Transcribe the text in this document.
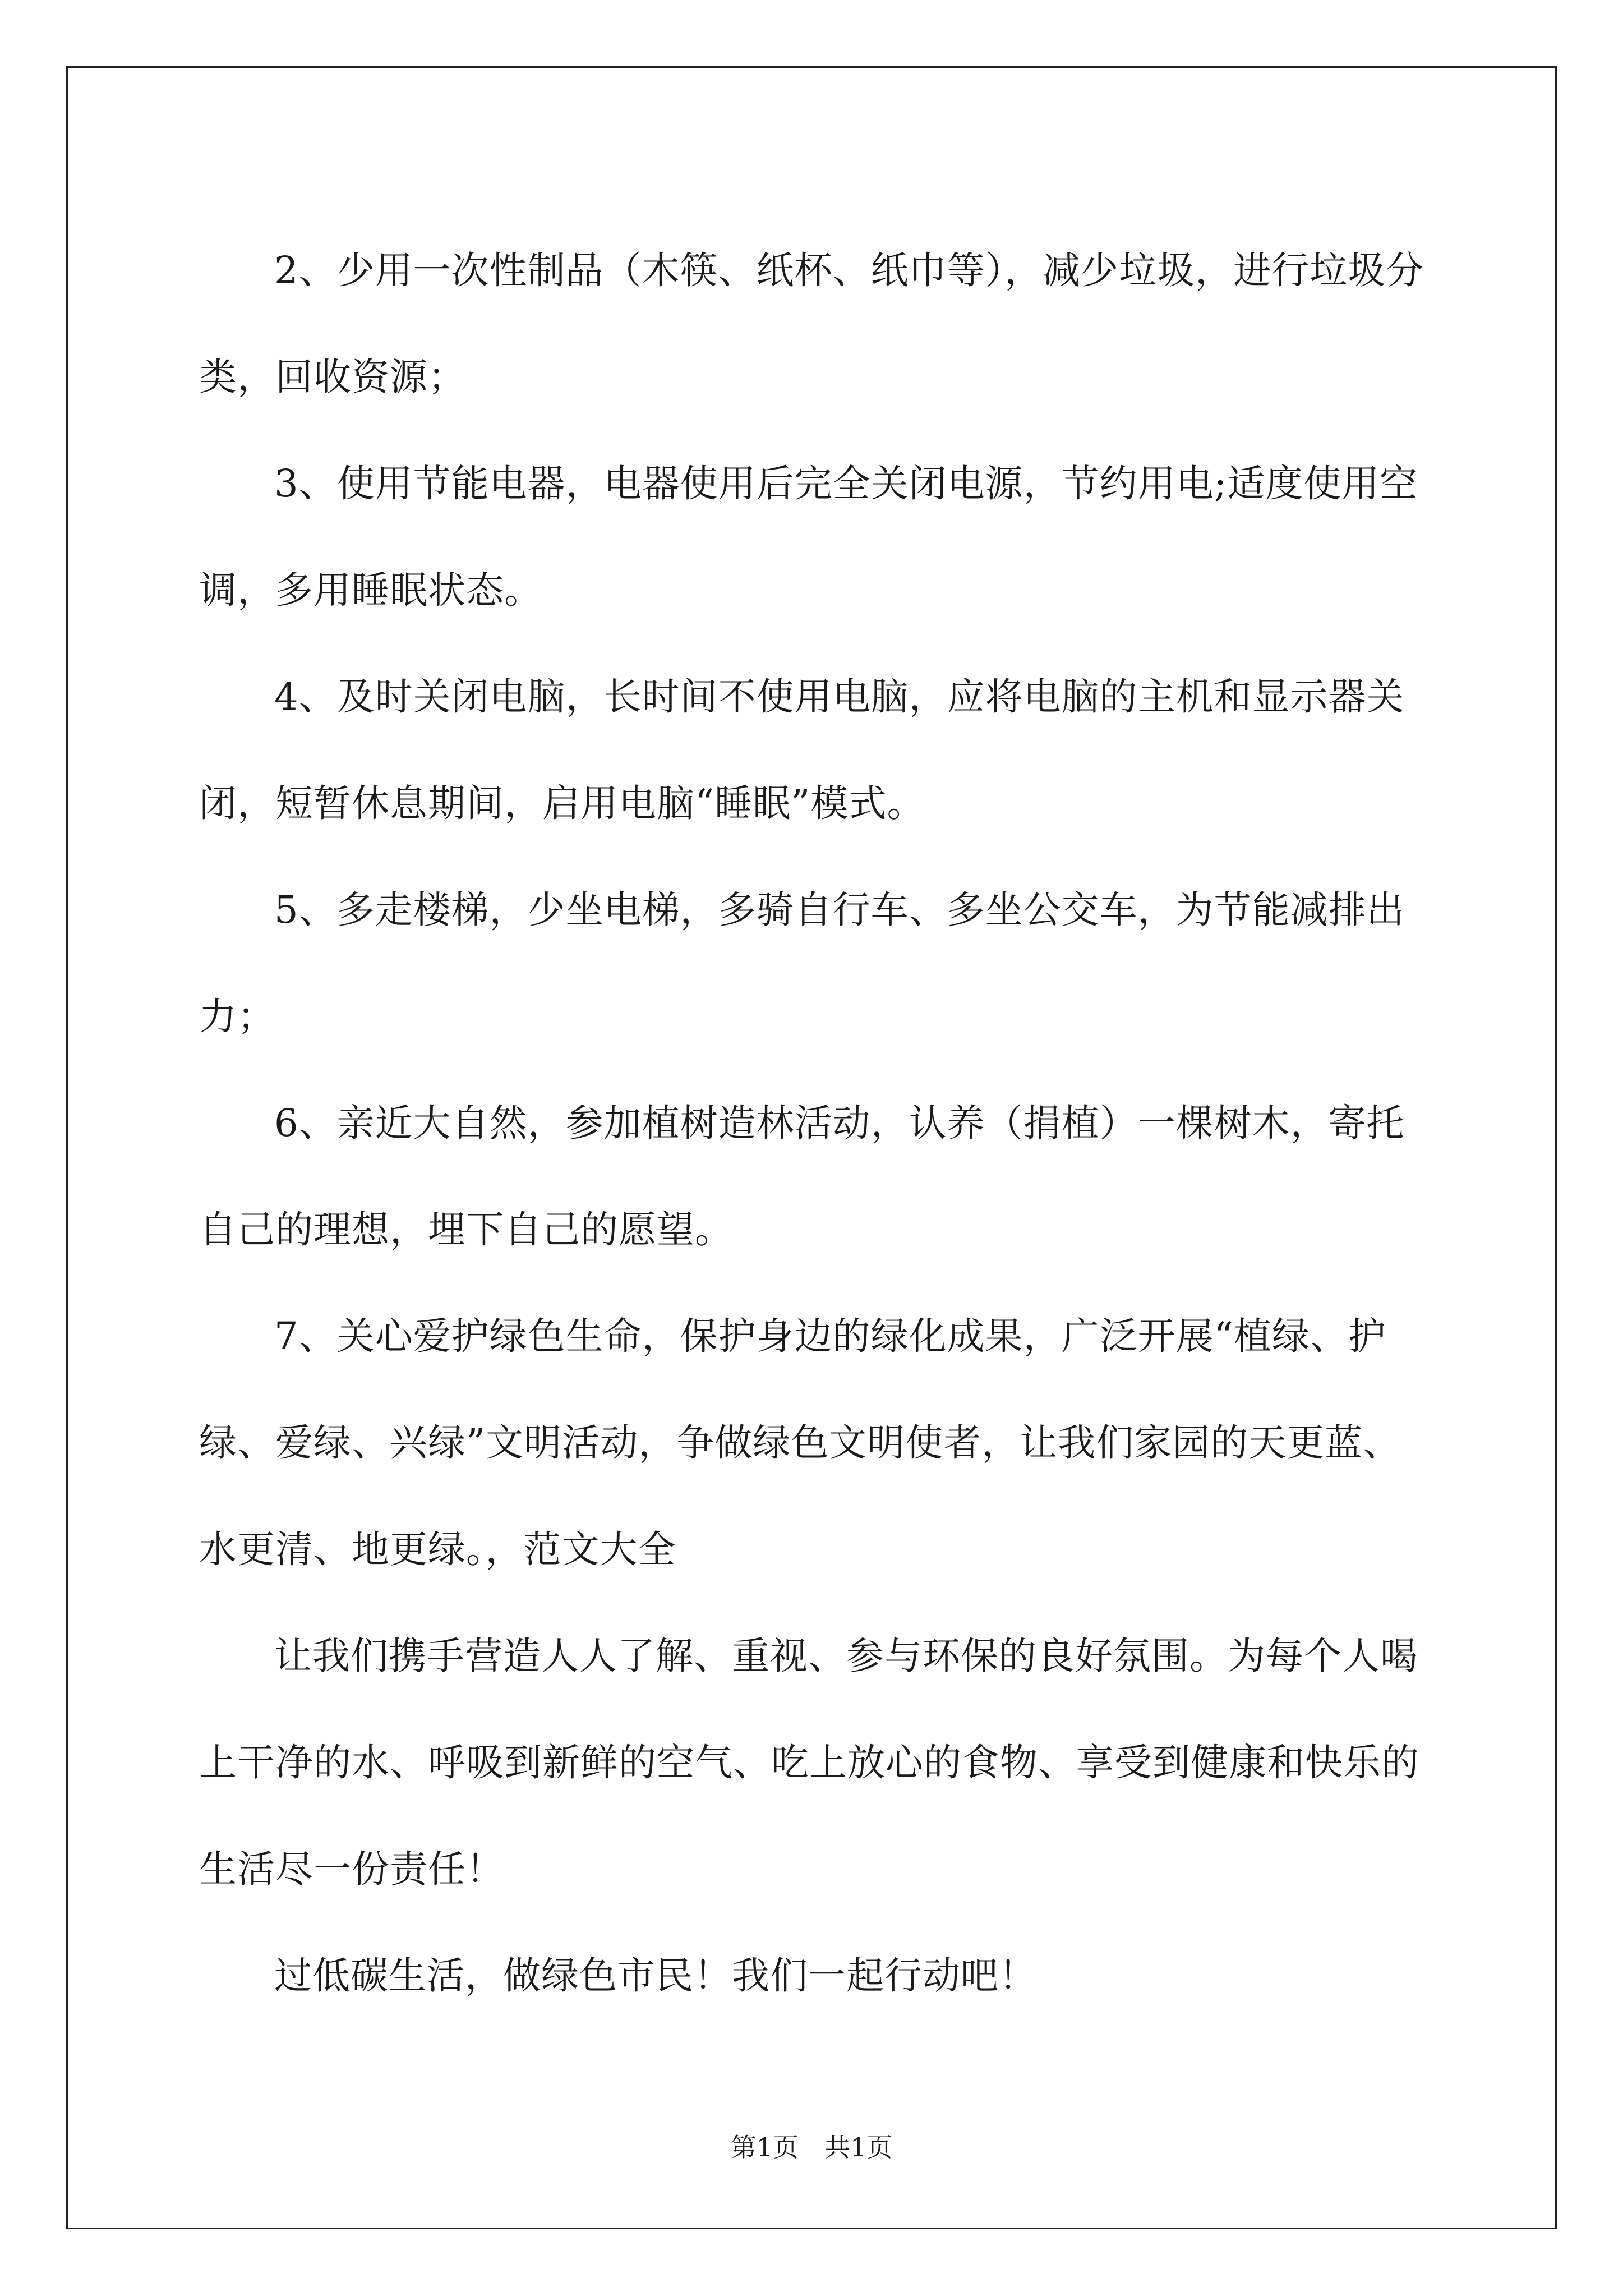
2、少用一次性制品（木筷、纸杯、纸巾等），减少垃圾，进行垃圾分类，回收资源；

3、使用节能电器，电器使用后完全关闭电源，节约用电;适度使用空调，多用睡眠状态。

4、及时关闭电脑，长时间不使用电脑，应将电脑的主机和显示器关闭，短暂休息期间，启用电脑“睡眠”模式。

5、多走楼梯，少坐电梯，多骑自行车、多坐公交车，为节能减排出力；

6、亲近大自然，参加植树造林活动，认养（捐植）一棵树木，寄托自己的理想，埋下自己的愿望。

7、关心爱护绿色生命，保护身边的绿化成果，广泛开展“植绿、护绿、爱绿、兴绿”文明活动，争做绿色文明使者，让我们家园的天更蓝、水更清、地更绿。，范文大全

让我们携手营造人人了解、重视、参与环保的良好氛围。为每个人喝上干净的水、呼吸到新鲜的空气、吃上放心的食物、享受到健康和快乐的生活尽一份责任！

过低碳生活，做绿色市民！我们一起行动吧！

第1页　共1页
